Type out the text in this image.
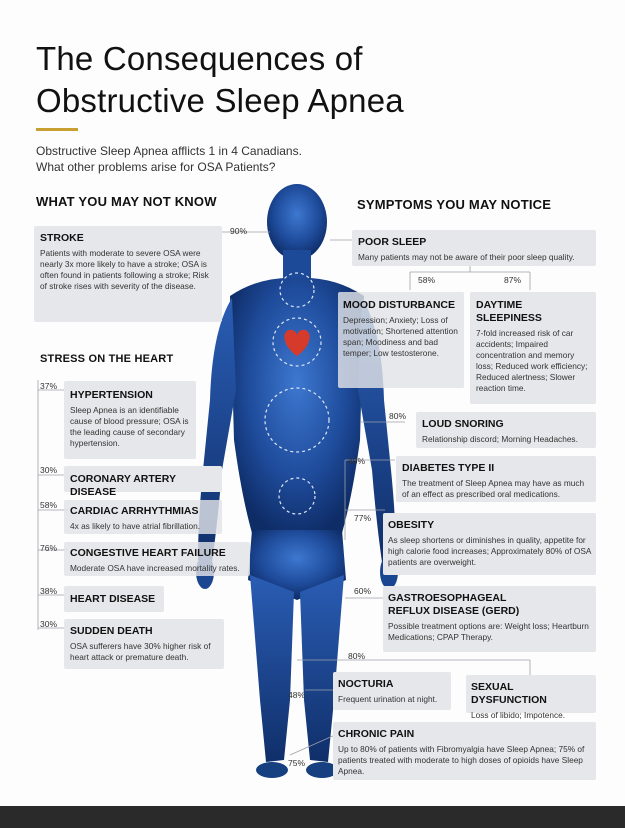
The Consequences of
Obstructive Sleep Apnea
Obstructive Sleep Apnea afflicts 1 in 4 Canadians.
What other problems arise for OSA Patients?
WHAT YOU MAY NOT KNOW	SYMPTOMS YOU MAY NOTICE
90%
STROKE
Patients with moderate to severe OSA were nearly 3x more likely to have a stroke; OSA is often found in patients following a stroke; Risk of stroke rises with severity of the disease.
STRESS ON THE HEART
37%
HYPERTENSION
Sleep Apnea is an identifiable cause of blood pressure; OSA is the leading cause of secondary hypertension.
30%
CORONARY ARTERY DISEASE
58% CARDIAC ARRHYTHMIAS
4x as likely to have atrial fibrillation.
76% CONGESTIVE HEART FAILURE
Moderate OSA have increased mortality rates.
38%
HEART DISEASE
30%
SUDDEN DEATH
OSA sufferers have 30% higher risk of heart attack or premature death.
POOR SLEEP
Many patients may not be aware of their poor sleep quality.
58%	87%
MOOD DISTURBANCE
Depression; Anxiety; Loss of motivation; Shortened attention span; Moodiness and bad temper; Low testosterone.
DAYTIME SLEEPINESS
7-fold increased risk of car accidents; Impaired concentration and memory loss; Reduced work efficiency; Reduced alertness; Slower reaction time.
80%
LOUD SNORING
Relationship discord; Morning Headaches.
48%
DIABETES TYPE II
The treatment of Sleep Apnea may have as much of an effect as prescribed oral medications.
77%
OBESITY
As sleep shortens or diminishes in quality, appetite for high calorie food increases; Approximately 80% of OSA patients are overweight.
60%
GASTROESOPHAGEAL REFLUX DISEASE (GERD)
Possible treatment options are: Weight loss; Heartburn Medications; CPAP Therapy.
80%
SEXUAL DYSFUNCTION
Loss of libido; Impotence.
48%
NOCTURIA
Frequent urination at night.
75%
CHRONIC PAIN
Up to 80% of patients with Fibromyalgia have Sleep Apnea; 75% of patients treated with moderate to high doses of opioids have Sleep Apnea.
